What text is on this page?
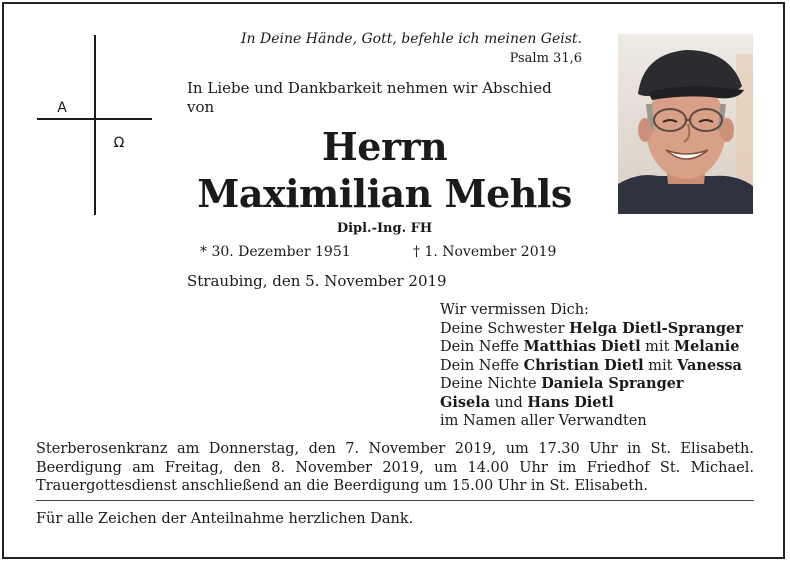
A
Ω
In Deine Hände, Gott, befehle ich meinen Geist.
Psalm 31,6
In Liebe und Dankbarkeit nehmen wir Abschied
von
Herrn
Maximilian Mehls
Dipl.-Ing. FH
* 30. Dezember 1951	† 1. November 2019
Straubing, den 5. November 2019
Wir vermissen Dich:
Deine Schwester Helga Dietl-Spranger
Dein Neffe Matthias Dietl mit Melanie
Dein Neffe Christian Dietl mit Vanessa
Deine Nichte Daniela Spranger
Gisela und Hans Dietl
im Namen aller Verwandten
Sterberosenkranz am Donnerstag, den 7. November 2019, um 17.30 Uhr in St. Elisabeth.
Beerdigung am Freitag, den 8. November 2019, um 14.00 Uhr im Friedhof St. Michael.
Trauergottesdienst anschließend an die Beerdigung um 15.00 Uhr in St. Elisabeth.
Für alle Zeichen der Anteilnahme herzlichen Dank.
